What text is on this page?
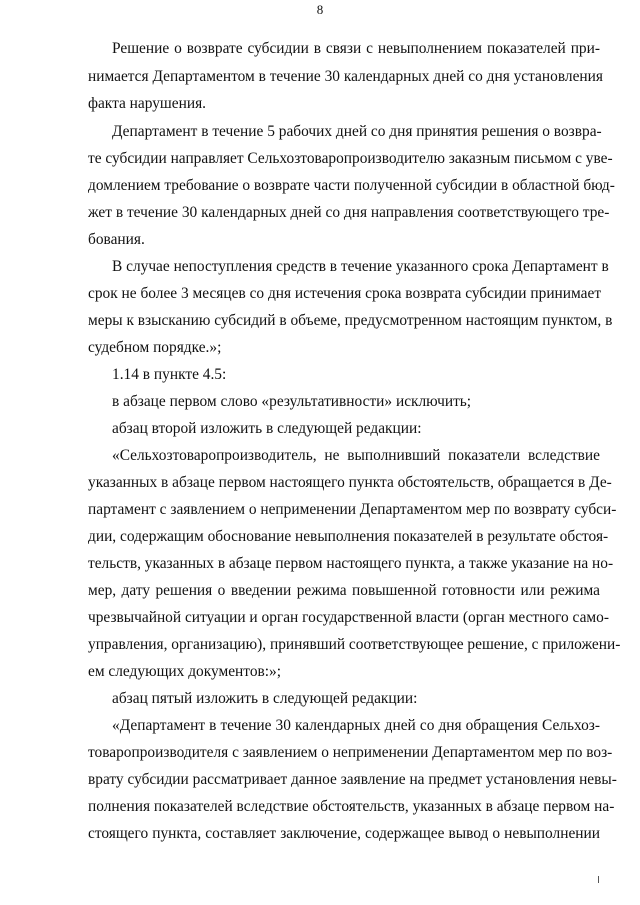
8
Решение о возврате субсидии в связи с невыполнением показателей при-
нимается Департаментом в течение 30 календарных дней со дня установления
факта нарушения.
Департамент в течение 5 рабочих дней со дня принятия решения о возвра-
те субсидии направляет Сельхозтоваропроизводителю заказным письмом с уве-
домлением требование о возврате части полученной субсидии в областной бюд-
жет в течение 30 календарных дней со дня направления соответствующего тре-
бования.
В случае непоступления средств в течение указанного срока Департамент в
срок не более 3 месяцев со дня истечения срока возврата субсидии принимает
меры к взысканию субсидий в объеме, предусмотренном настоящим пунктом, в
судебном порядке.»;
1.14 в пункте 4.5:
в абзаце первом слово «результативности» исключить;
абзац второй изложить в следующей редакции:
«Сельхозтоваропроизводитель, не выполнивший показатели вследствие
указанных в абзаце первом настоящего пункта обстоятельств, обращается в Де-
партамент с заявлением о неприменении Департаментом мер по возврату субси-
дии, содержащим обоснование невыполнения показателей в результате обстоя-
тельств, указанных в абзаце первом настоящего пункта, а также указание на но-
мер, дату решения о введении режима повышенной готовности или режима
чрезвычайной ситуации и орган государственной власти (орган местного само-
управления, организацию), принявший соответствующее решение, с приложени-
ем следующих документов:»;
абзац пятый изложить в следующей редакции:
«Департамент в течение 30 календарных дней со дня обращения Сельхоз-
товаропроизводителя с заявлением о неприменении Департаментом мер по воз-
врату субсидии рассматривает данное заявление на предмет установления невы-
полнения показателей вследствие обстоятельств, указанных в абзаце первом на-
стоящего пункта, составляет заключение, содержащее вывод о невыполнении
